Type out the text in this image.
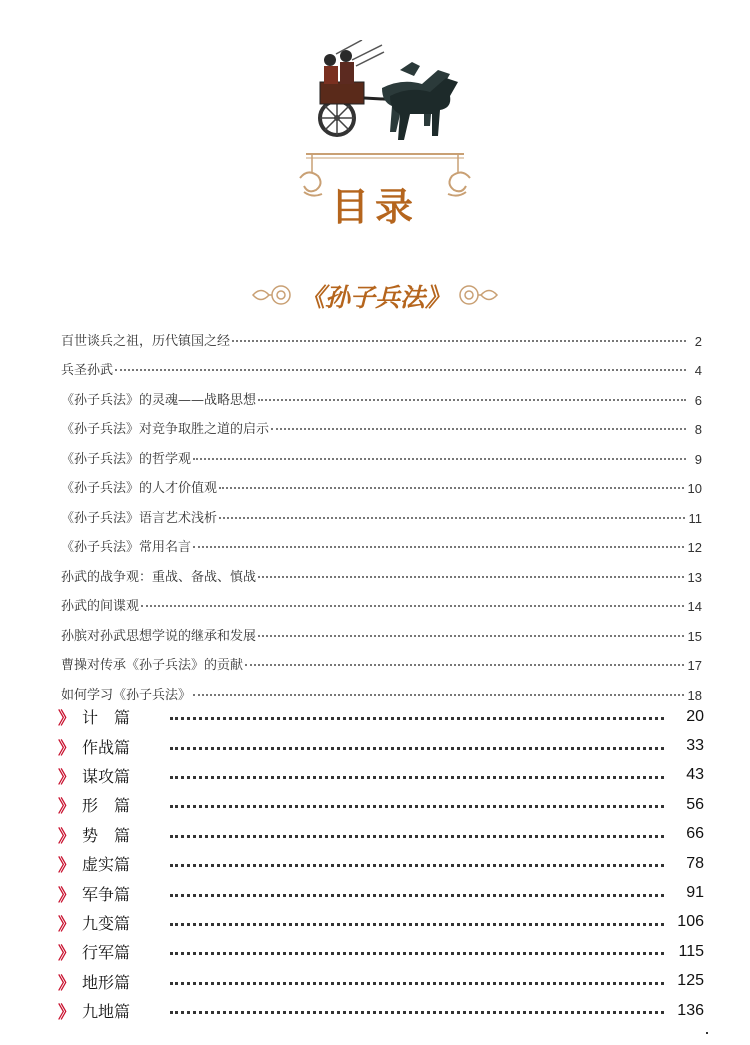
目录
《孙子兵法》
百世谈兵之祖，历代镇国之经	2
兵圣孙武	4
《孙子兵法》的灵魂——战略思想	6
《孙子兵法》对竞争取胜之道的启示	8
《孙子兵法》的哲学观	9
《孙子兵法》的人才价值观	10
《孙子兵法》语言艺术浅析	11
《孙子兵法》常用名言	12
孙武的战争观：重战、备战、慎战	13
孙武的间谍观	14
孙膑对孙武思想学说的继承和发展	15
曹操对传承《孙子兵法》的贡献	17
如何学习《孙子兵法》	18
》 计　篇	20
》 作战篇	33
》 谋攻篇	43
》 形　篇	56
》 势　篇	66
》 虚实篇	78
》 军争篇	91
》 九变篇	106
》 行军篇	115
》 地形篇	125
》 九地篇	136
